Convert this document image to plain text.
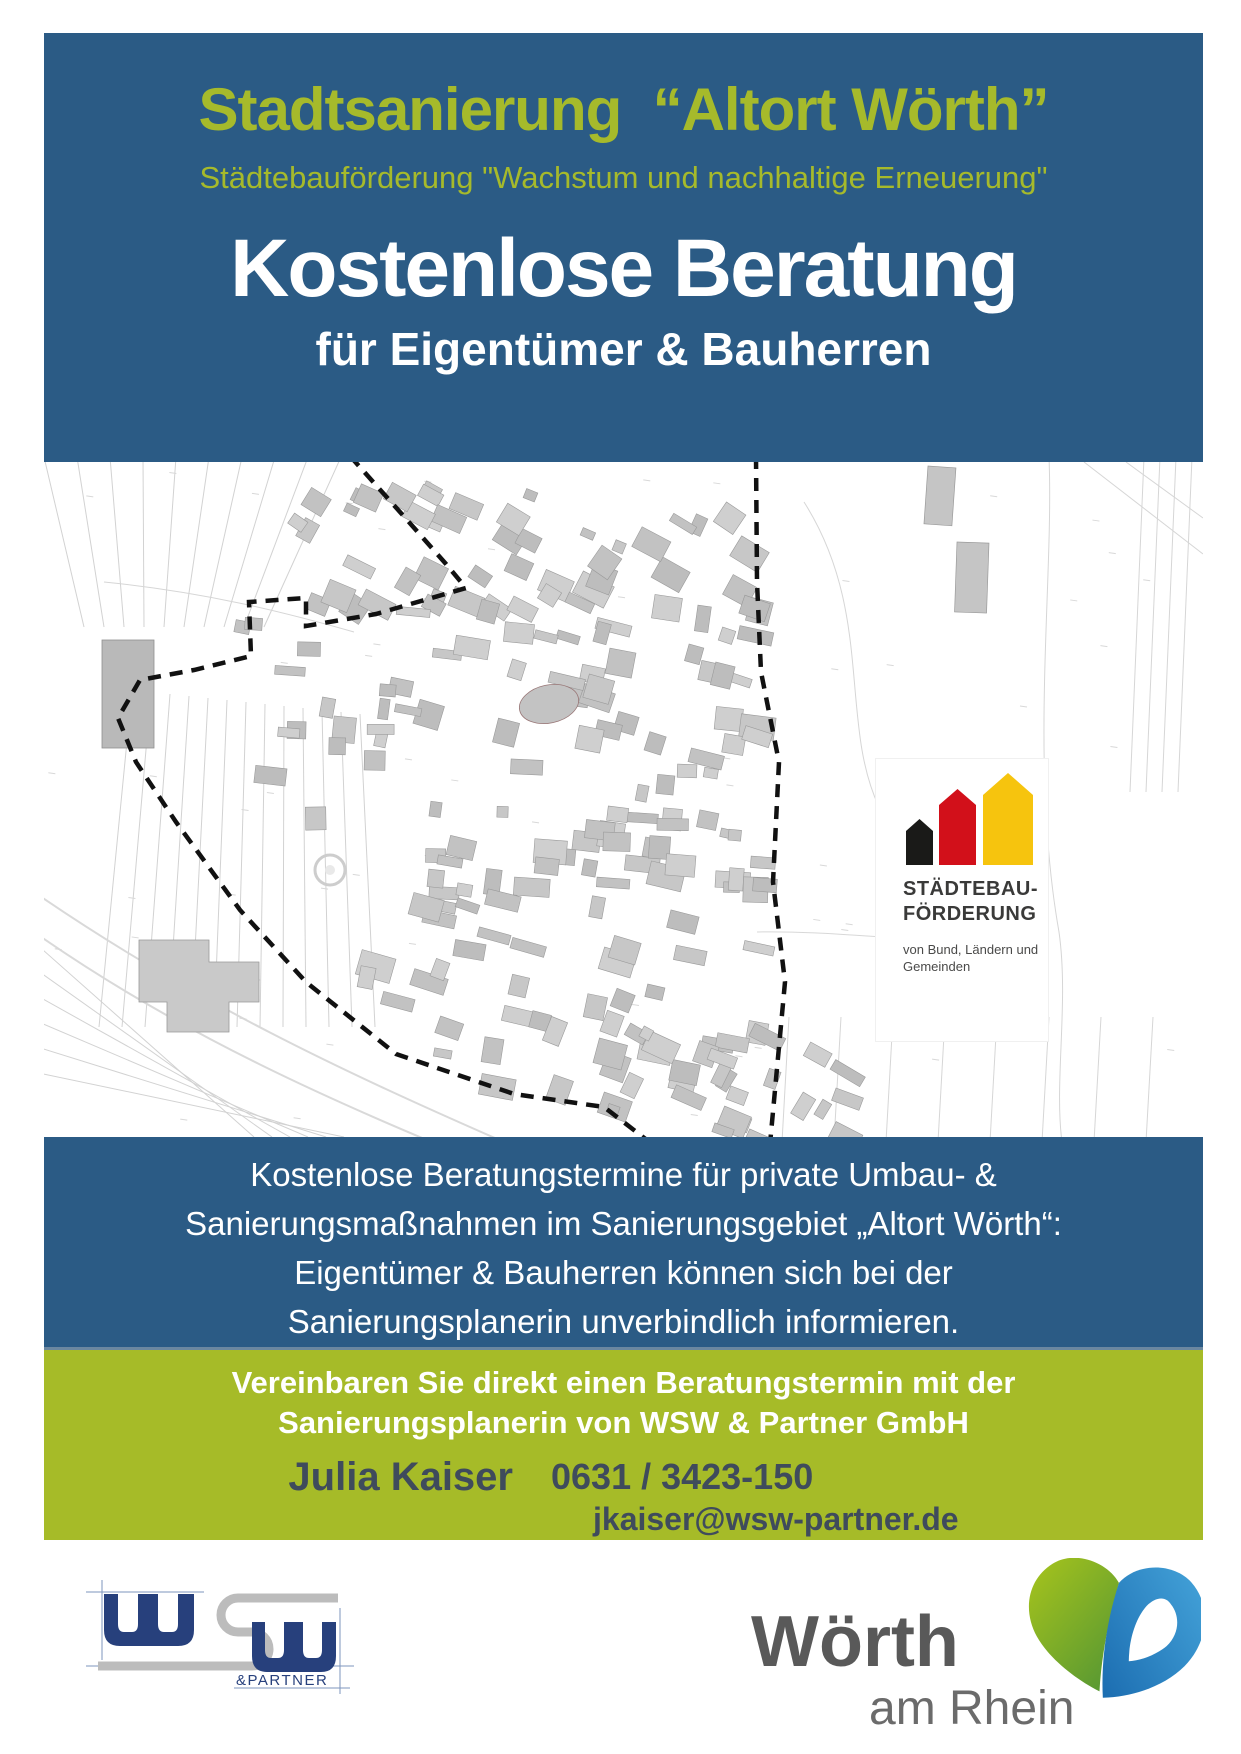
Stadtsanierung  “Altort Wörth”
Städtebauförderung "Wachstum und nachhaltige Erneuerung"
Kostenlose Beratung
für Eigentümer & Bauherren
STÄDTEBAU-
FÖRDERUNG
von Bund, Ländern und
Gemeinden
Kostenlose Beratungstermine für private Umbau- &
Sanierungsmaßnahmen im Sanierungsgebiet „Altort Wörth“:
Eigentümer & Bauherren können sich bei der
Sanierungsplanerin unverbindlich informieren.
Vereinbaren Sie direkt einen Beratungstermin mit der
Sanierungsplanerin von WSW & Partner GmbH
Julia Kaiser 0631 / 3423-150
jkaiser@wsw-partner.de
&PARTNER	Wörth
am Rhein
